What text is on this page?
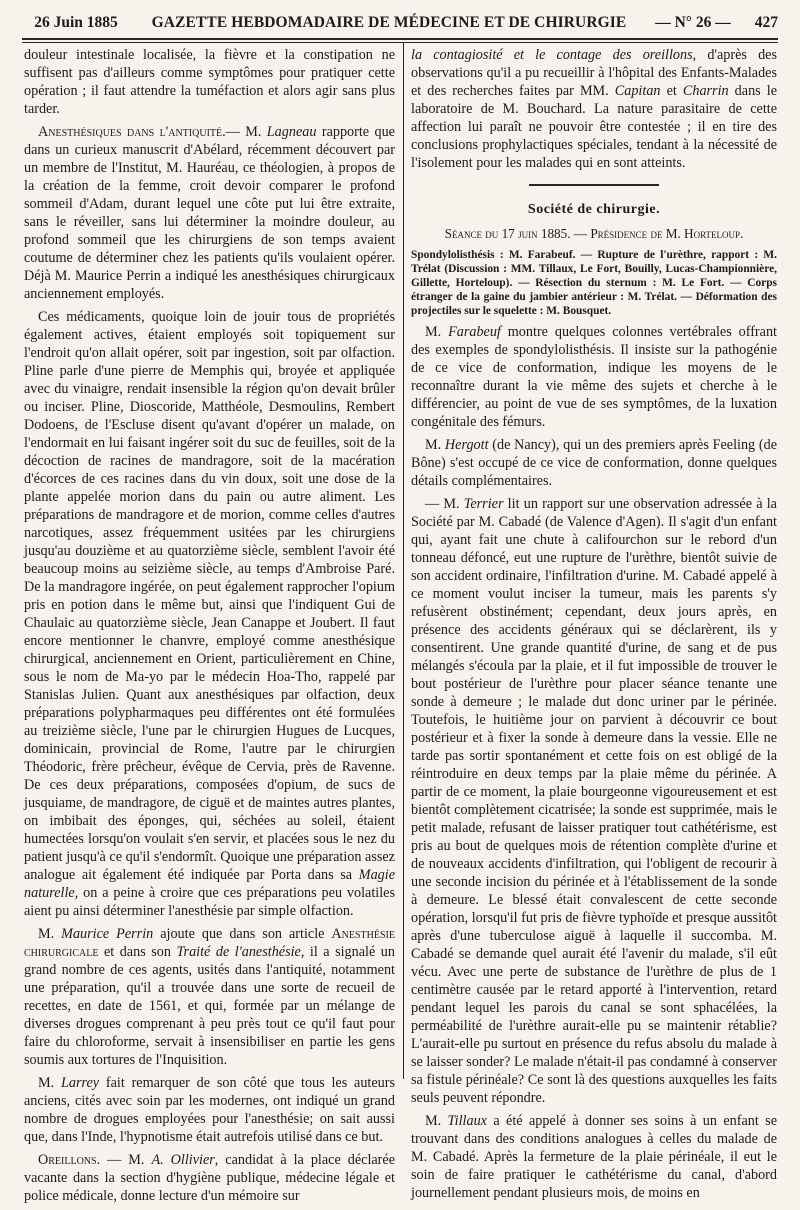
26 Juin 1885	GAZETTE HEBDOMADAIRE DE MÉDECINE ET DE CHIRURGIE	— N° 26 —	427

douleur intestinale localisée, la fièvre et la constipation ne suffisent pas d'ailleurs comme symptômes pour pratiquer cette opération ; il faut attendre la tuméfaction et alors agir sans plus tarder.

Anesthésiques dans l'antiquité.— M. Lagneau rapporte que dans un curieux manuscrit d'Abélard, récemment découvert par un membre de l'Institut, M. Hauréau, ce théologien, à propos de la création de la femme, croit devoir comparer le profond sommeil d'Adam, durant lequel une côte put lui être extraite, sans le réveiller, sans lui déterminer la moindre douleur, au profond sommeil que les chirurgiens de son temps avaient coutume de déterminer chez les patients qu'ils voulaient opérer. Déjà M. Maurice Perrin a indiqué les anesthésiques chirurgicaux anciennement employés.

Ces médicaments, quoique loin de jouir tous de propriétés également actives, étaient employés soit topiquement sur l'endroit qu'on allait opérer, soit par ingestion, soit par olfaction. Pline parle d'une pierre de Memphis qui, broyée et appliquée avec du vinaigre, rendait insensible la région qu'on devait brûler ou inciser. Pline, Dioscoride, Matthéole, Desmoulins, Rembert Dodoens, de l'Escluse disent qu'avant d'opérer un malade, on l'endormait en lui faisant ingérer soit du suc de feuilles, soit de la décoction de racines de mandragore, soit de la macération d'écorces de ces racines dans du vin doux, soit une dose de la plante appelée morion dans du pain ou autre aliment. Les préparations de mandragore et de morion, comme celles d'autres narcotiques, assez fréquemment usitées par les chirurgiens jusqu'au douzième et au quatorzième siècle, semblent l'avoir été beaucoup moins au seizième siècle, au temps d'Ambroise Paré. De la mandragore ingérée, on peut également rapprocher l'opium pris en potion dans le même but, ainsi que l'indiquent Gui de Chaulaic au quatorzième siècle, Jean Canappe et Joubert. Il faut encore mentionner le chanvre, employé comme anesthésique chirurgical, anciennement en Orient, particulièrement en Chine, sous le nom de Ma-yo par le médecin Hoa-Tho, rappelé par Stanislas Julien. Quant aux anesthésiques par olfaction, deux préparations polypharmaques peu différentes ont été formulées au treizième siècle, l'une par le chirurgien Hugues de Lucques, dominicain, provincial de Rome, l'autre par le chirurgien Théodoric, frère prêcheur, évêque de Cervia, près de Ravenne. De ces deux préparations, composées d'opium, de sucs de jusquiame, de mandragore, de ciguë et de maintes autres plantes, on imbibait des éponges, qui, séchées au soleil, étaient humectées lorsqu'on voulait s'en servir, et placées sous le nez du patient jusqu'à ce qu'il s'endormît. Quoique une préparation assez analogue ait également été indiquée par Porta dans sa Magie naturelle, on a peine à croire que ces préparations peu volatiles aient pu ainsi déterminer l'anesthésie par simple olfaction.

M. Maurice Perrin ajoute que dans son article Anesthésie chirurgicale et dans son Traité de l'anesthésie, il a signalé un grand nombre de ces agents, usités dans l'antiquité, notamment une préparation, qu'il a trouvée dans une sorte de recueil de recettes, en date de 1561, et qui, formée par un mélange de diverses drogues comprenant à peu près tout ce qu'il faut pour faire du chloroforme, servait à insensibiliser en partie les gens soumis aux tortures de l'Inquisition.

M. Larrey fait remarquer de son côté que tous les auteurs anciens, cités avec soin par les modernes, ont indiqué un grand nombre de drogues employées pour l'anesthésie; on sait aussi que, dans l'Inde, l'hypnotisme était autrefois utilisé dans ce but.

Oreillons. — M. A. Ollivier, candidat à la place déclarée vacante dans la section d'hygiène publique, médecine légale et police médicale, donne lecture d'un mémoire sur

la contagiosité et le contage des oreillons, d'après des observations qu'il a pu recueillir à l'hôpital des Enfants-Malades et des recherches faites par MM. Capitan et Charrin dans le laboratoire de M. Bouchard. La nature parasitaire de cette affection lui paraît ne pouvoir être contestée ; il en tire des conclusions prophylactiques spéciales, tendant à la nécessité de l'isolement pour les malades qui en sont atteints.

Société de chirurgie.

Séance du 17 juin 1885. — Présidence de M. Horteloup.

Spondylolisthésis : M. Farabeuf. — Rupture de l'urèthre, rapport : M. Trélat (Discussion : MM. Tillaux, Le Fort, Bouilly, Lucas-Championnière, Gillette, Horteloup). — Résection du sternum : M. Le Fort. — Corps étranger de la gaine du jambier antérieur : M. Trélat. — Déformation des projectiles sur le squelette : M. Bousquet.

M. Farabeuf montre quelques colonnes vertébrales offrant des exemples de spondylolisthésis. Il insiste sur la pathogénie de ce vice de conformation, indique les moyens de le reconnaître durant la vie même des sujets et cherche à le différencier, au point de vue de ses symptômes, de la luxation congénitale des fémurs.

M. Hergott (de Nancy), qui un des premiers après Feeling (de Bône) s'est occupé de ce vice de conformation, donne quelques détails complémentaires.

— M. Terrier lit un rapport sur une observation adressée à la Société par M. Cabadé (de Valence d'Agen). Il s'agit d'un enfant qui, ayant fait une chute à califourchon sur le rebord d'un tonneau défoncé, eut une rupture de l'urèthre, bientôt suivie de son accident ordinaire, l'infiltration d'urine. M. Cabadé appelé à ce moment voulut inciser la tumeur, mais les parents s'y refusèrent obstinément; cependant, deux jours après, en présence des accidents généraux qui se déclarèrent, ils y consentirent. Une grande quantité d'urine, de sang et de pus mélangés s'écoula par la plaie, et il fut impossible de trouver le bout postérieur de l'urèthre pour placer séance tenante une sonde à demeure ; le malade dut donc uriner par le périnée. Toutefois, le huitième jour on parvient à découvrir ce bout postérieur et à fixer la sonde à demeure dans la vessie. Elle ne tarde pas sortir spontanément et cette fois on est obligé de la réintroduire en deux temps par la plaie même du périnée. A partir de ce moment, la plaie bourgeonne vigoureusement et est bientôt complètement cicatrisée; la sonde est supprimée, mais le petit malade, refusant de laisser pratiquer tout cathétérisme, est pris au bout de quelques mois de rétention complète d'urine et de nouveaux accidents d'infiltration, qui l'obligent de recourir à une seconde incision du périnée et à l'établissement de la sonde à demeure. Le blessé était convalescent de cette seconde opération, lorsqu'il fut pris de fièvre typhoïde et presque aussitôt après d'une tuberculose aiguë à laquelle il succomba. M. Cabadé se demande quel aurait été l'avenir du malade, s'il eût vécu. Avec une perte de substance de l'urèthre de plus de 1 centimètre causée par le retard apporté à l'intervention, retard pendant lequel les parois du canal se sont sphacélées, la perméabilité de l'urèthre aurait-elle pu se maintenir rétablie? L'aurait-elle pu surtout en présence du refus absolu du malade à se laisser sonder? Le malade n'était-il pas condamné à conserver sa fistule périnéale? Ce sont là des questions auxquelles les faits seuls peuvent répondre.

M. Tillaux a été appelé à donner ses soins à un enfant se trouvant dans des conditions analogues à celles du malade de M. Cabadé. Après la fermeture de la plaie périnéale, il eut le soin de faire pratiquer le cathétérisme du canal, d'abord journellement pendant plusieurs mois, de moins en
